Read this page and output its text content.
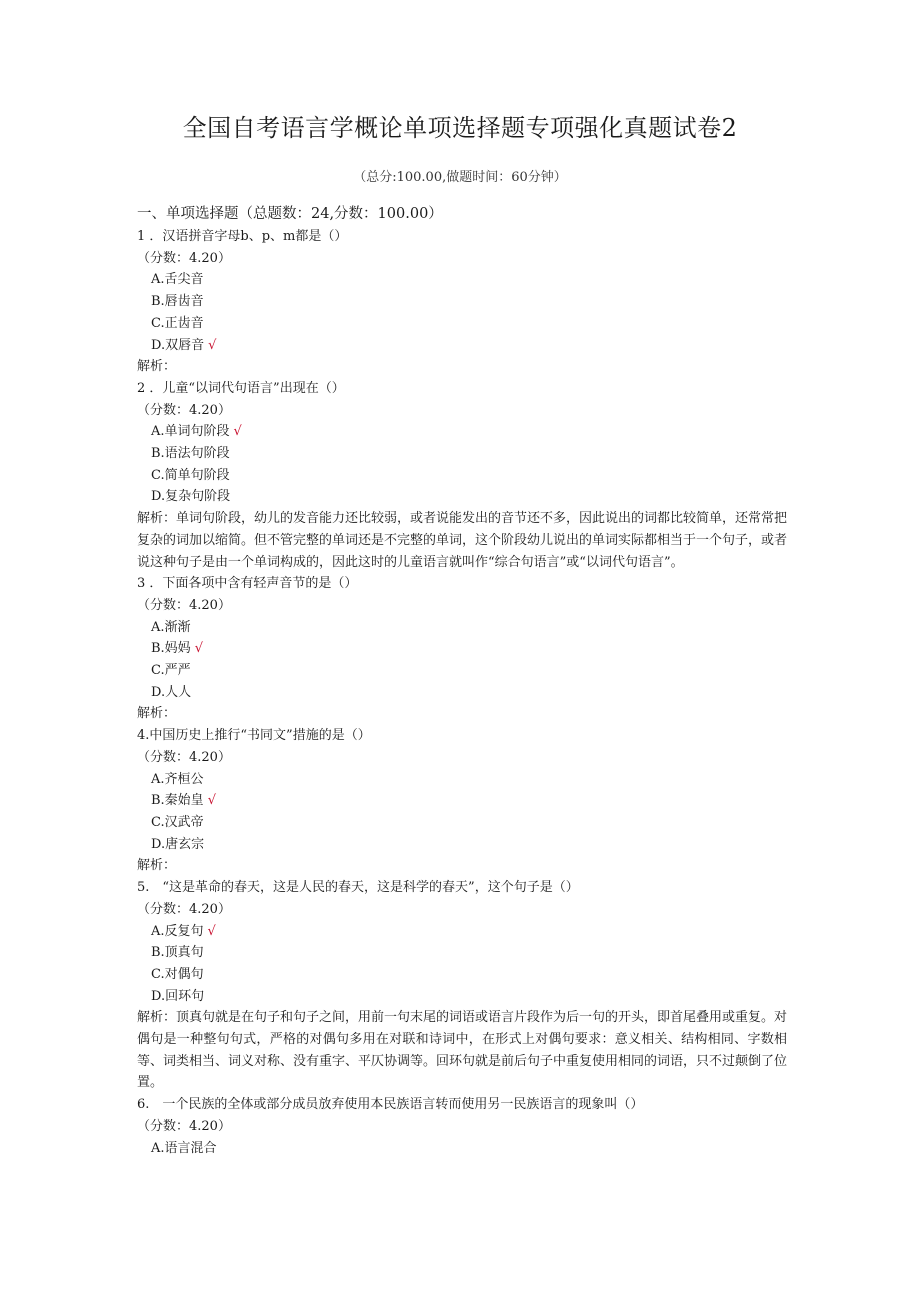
全国自考语言学概论单项选择题专项强化真题试卷2
（总分:100.00,做题时间：60分钟）
一、单项选择题（总题数：24,分数：100.00）
1 ．汉语拼音字母b、p、m都是（）
（分数：4.20）
A.舌尖音
B.唇齿音
C.正齿音
D.双唇音 √
解析：
2 ．儿童“以词代句语言”出现在（）
（分数：4.20）
A.单词句阶段 √
B.语法句阶段
C.简单句阶段
D.复杂句阶段
解析：单词句阶段，幼儿的发音能力还比较弱，或者说能发出的音节还不多，因此说出的词都比较简单，还常常把复杂的词加以缩简。但不管完整的单词还是不完整的单词，这个阶段幼儿说出的单词实际都相当于一个句子，或者说这种句子是由一个单词构成的，因此这时的儿童语言就叫作“综合句语言”或“以词代句语言”。
3 ．下面各项中含有轻声音节的是（）
（分数：4.20）
A.渐渐
B.妈妈 √
C.严严
D.人人
解析：
4.中国历史上推行“书同文”措施的是（）
（分数：4.20）
A.齐桓公
B.秦始皇 √
C.汉武帝
D.唐玄宗
解析：
5.　“这是革命的春天，这是人民的春天，这是科学的春天”，这个句子是（）
（分数：4.20）
A.反复句 √
B.顶真句
C.对偶句
D.回环句
解析：顶真句就是在句子和句子之间，用前一句末尾的词语或语言片段作为后一句的开头，即首尾叠用或重复。对偶句是一种整句句式，严格的对偶句多用在对联和诗词中，在形式上对偶句要求：意义相关、结构相同、字数相等、词类相当、词义对称、没有重字、平仄协调等。回环句就是前后句子中重复使用相同的词语，只不过颠倒了位置。
6.　一个民族的全体或部分成员放弃使用本民族语言转而使用另一民族语言的现象叫（）
（分数：4.20）
A.语言混合
